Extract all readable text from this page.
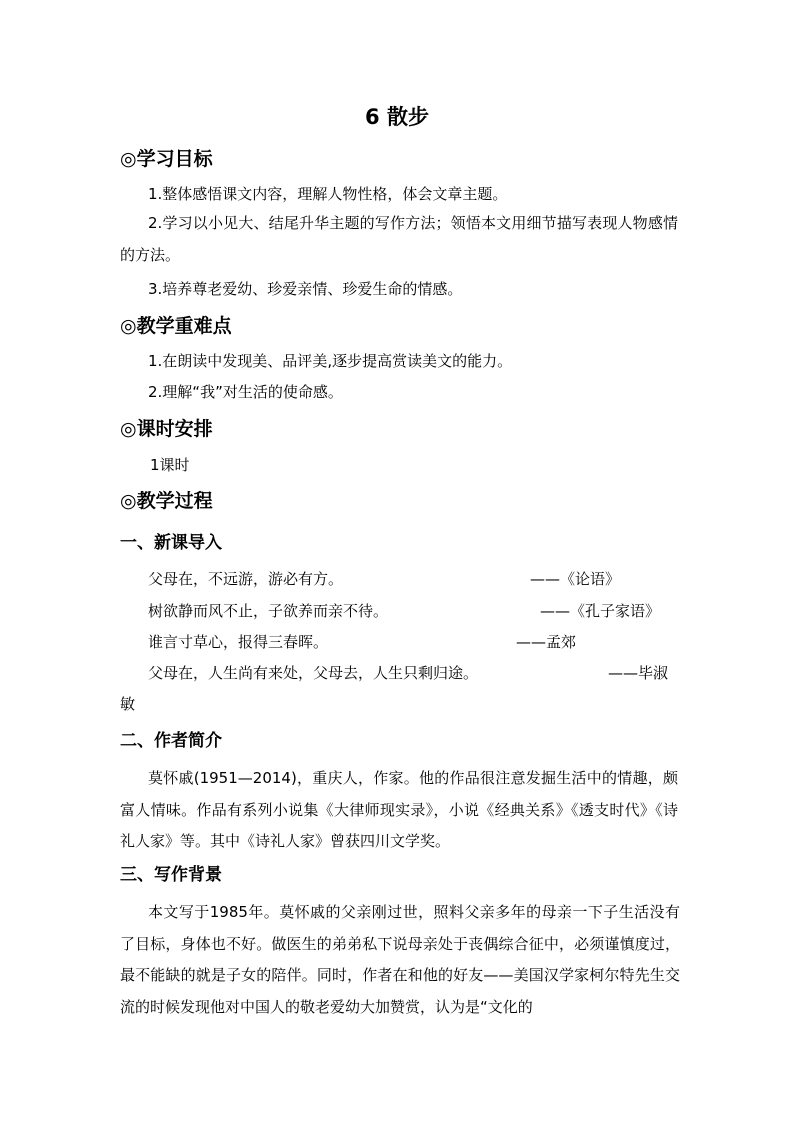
6 散步
◎学习目标
1.整体感悟课文内容，理解人物性格，体会文章主题。
2.学习以小见大、结尾升华主题的写作方法；领悟本文用细节描写表现人物感情的方法。
3.培养尊老爱幼、珍爱亲情、珍爱生命的情感。
◎教学重难点
1.在朗读中发现美、品评美,逐步提高赏读美文的能力。
2.理解“我”对生活的使命感。
◎课时安排
1课时
◎教学过程
一、新课导入
父母在，不远游，游必有方。	——《论语》
树欲静而风不止，子欲养而亲不待。	——《孔子家语》
谁言寸草心，报得三春晖。	——孟郊
父母在，人生尚有来处，父母去，人生只剩归途。	——毕淑
敏
二、作者简介
莫怀戚(1951—2014)，重庆人，作家。他的作品很注意发掘生活中的情趣，颇富人情味。作品有系列小说集《大律师现实录》，小说《经典关系》《透支时代》《诗礼人家》等。其中《诗礼人家》曾获四川文学奖。
三、写作背景
本文写于1985年。莫怀戚的父亲刚过世，照料父亲多年的母亲一下子生活没有了目标，身体也不好。做医生的弟弟私下说母亲处于丧偶综合征中，必须谨慎度过，最不能缺的就是子女的陪伴。同时，作者在和他的好友——美国汉学家柯尔特先生交流的时候发现他对中国人的敬老爱幼大加赞赏，认为是“文化的
